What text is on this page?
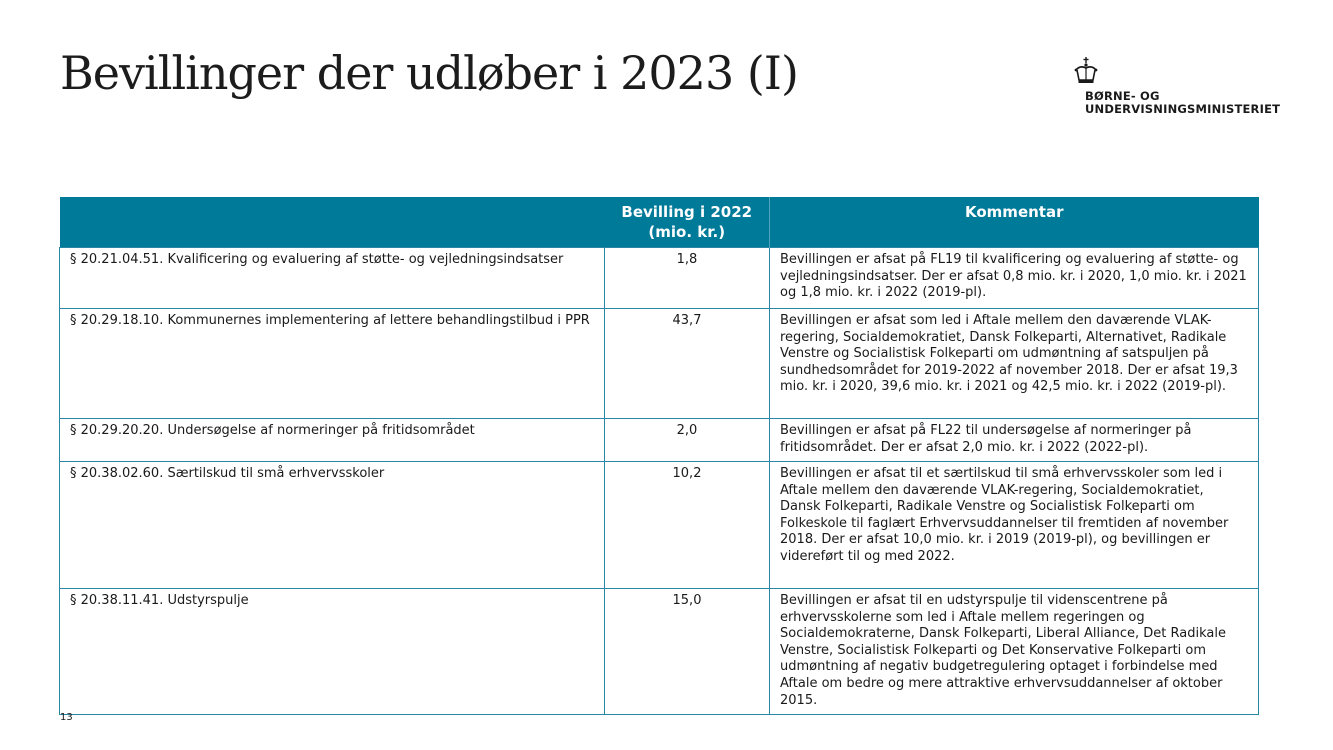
Bevillinger der udløber i 2023 (I)	BØRNE- OG
UNDERVISNINGSMINISTERIET
	Bevilling i 2022 (mio. kr.)	Kommentar
§ 20.21.04.51. Kvalificering og evaluering af støtte- og vejledningsindsatser	1,8	Bevillingen er afsat på FL19 til kvalificering og evaluering af støtte- og vejledningsindsatser. Der er afsat 0,8 mio. kr. i 2020, 1,0 mio. kr. i 2021 og 1,8 mio. kr. i 2022 (2019-pl).
§ 20.29.18.10. Kommunernes implementering af lettere behandlingstilbud i PPR	43,7	Bevillingen er afsat som led i Aftale mellem den daværende VLAK-regering, Socialdemokratiet, Dansk Folkeparti, Alternativet, Radikale Venstre og Socialistisk Folkeparti om udmøntning af satspuljen på sundhedsområdet for 2019-2022 af november 2018. Der er afsat 19,3 mio. kr. i 2020, 39,6 mio. kr. i 2021 og 42,5 mio. kr. i 2022 (2019-pl).
§ 20.29.20.20. Undersøgelse af normeringer på fritidsområdet	2,0	Bevillingen er afsat på FL22 til undersøgelse af normeringer på fritidsområdet. Der er afsat 2,0 mio. kr. i 2022 (2022-pl).
§ 20.38.02.60. Særtilskud til små erhvervsskoler	10,2	Bevillingen er afsat til et særtilskud til små erhvervsskoler som led i Aftale mellem den daværende VLAK-regering, Socialdemokratiet, Dansk Folkeparti, Radikale Venstre og Socialistisk Folkeparti om Folkeskole til faglært Erhvervsuddannelser til fremtiden af november 2018. Der er afsat 10,0 mio. kr. i 2019 (2019-pl), og bevillingen er videreført til og med 2022.
§ 20.38.11.41. Udstyrspulje	15,0	Bevillingen er afsat til en udstyrspulje til videnscentrene på erhvervsskolerne som led i Aftale mellem regeringen og Socialdemokraterne, Dansk Folkeparti, Liberal Alliance, Det Radikale Venstre, Socialistisk Folkeparti og Det Konservative Folkeparti om udmøntning af negativ budgetregulering optaget i forbindelse med Aftale om bedre og mere attraktive erhvervsuddannelser af oktober 2015.
13
